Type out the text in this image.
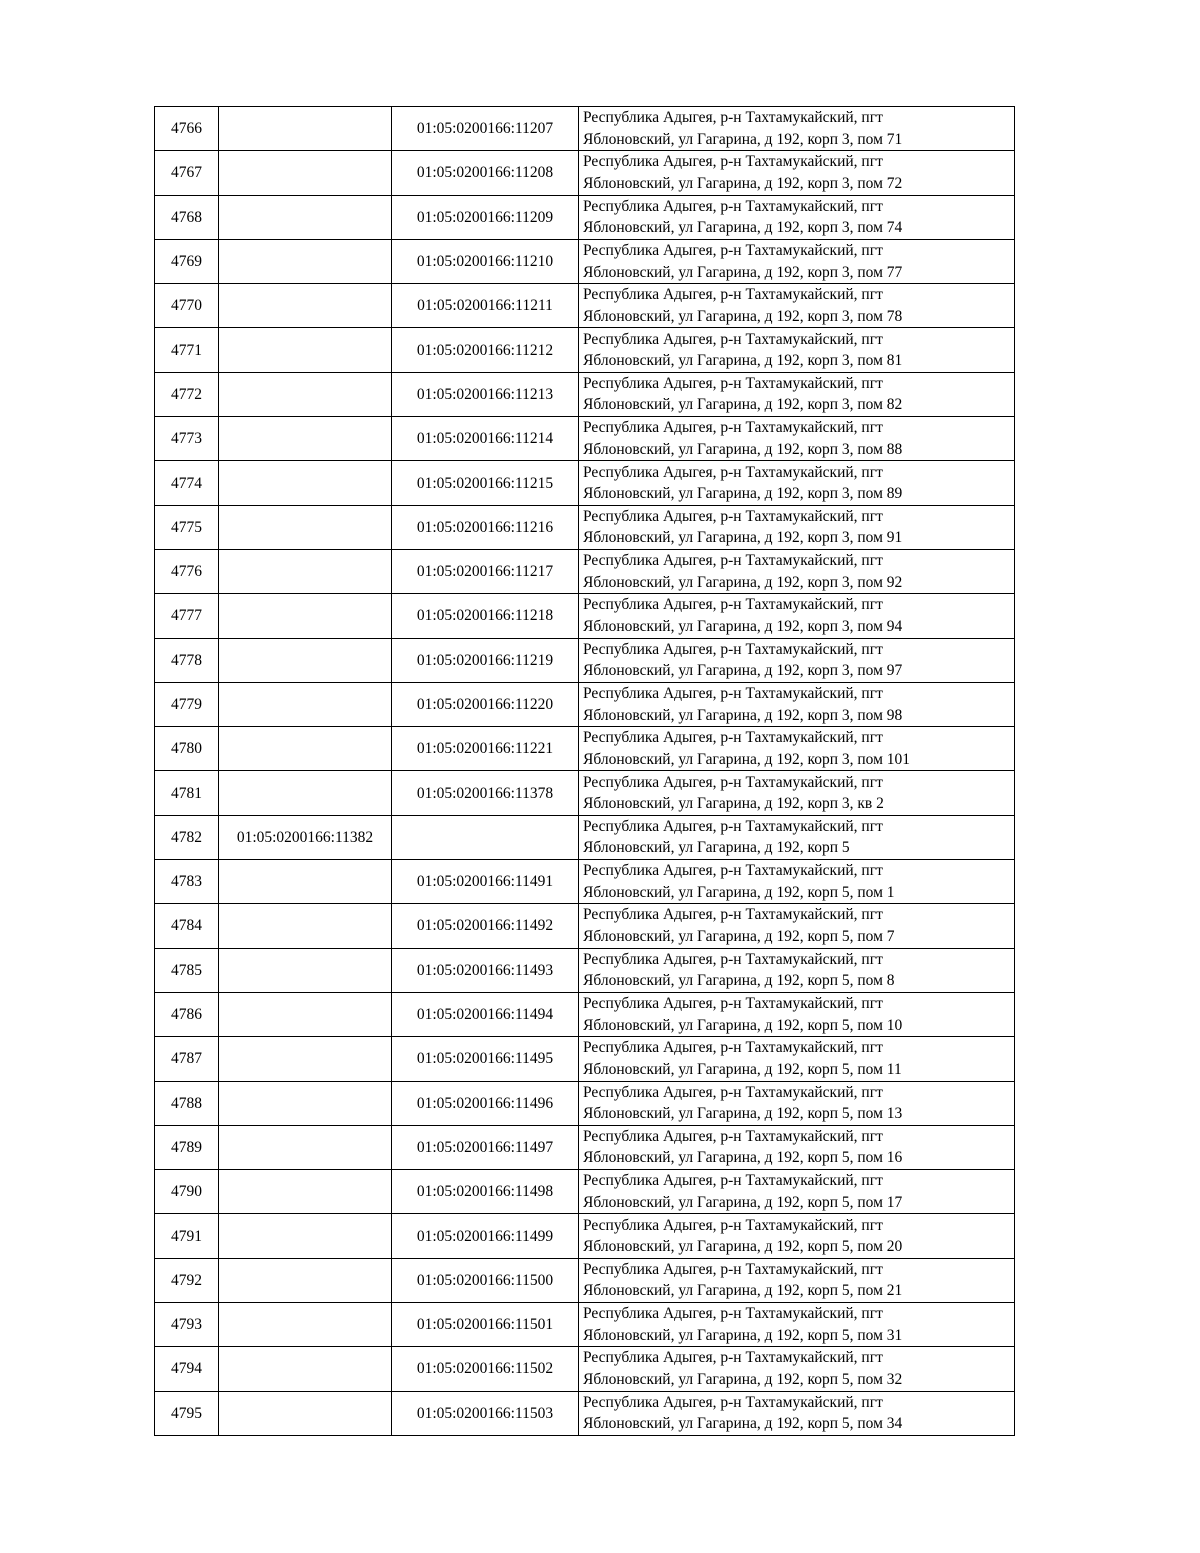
4766		01:05:0200166:11207	Республика Адыгея, р-н Тахтамукайский, пгт
Яблоновский, ул Гагарина, д 192, корп 3, пом 71

4767		01:05:0200166:11208	Республика Адыгея, р-н Тахтамукайский, пгт
Яблоновский, ул Гагарина, д 192, корп 3, пом 72

4768		01:05:0200166:11209	Республика Адыгея, р-н Тахтамукайский, пгт
Яблоновский, ул Гагарина, д 192, корп 3, пом 74

4769		01:05:0200166:11210	Республика Адыгея, р-н Тахтамукайский, пгт
Яблоновский, ул Гагарина, д 192, корп 3, пом 77

4770		01:05:0200166:11211	Республика Адыгея, р-н Тахтамукайский, пгт
Яблоновский, ул Гагарина, д 192, корп 3, пом 78

4771		01:05:0200166:11212	Республика Адыгея, р-н Тахтамукайский, пгт
Яблоновский, ул Гагарина, д 192, корп 3, пом 81

4772		01:05:0200166:11213	Республика Адыгея, р-н Тахтамукайский, пгт
Яблоновский, ул Гагарина, д 192, корп 3, пом 82

4773		01:05:0200166:11214	Республика Адыгея, р-н Тахтамукайский, пгт
Яблоновский, ул Гагарина, д 192, корп 3, пом 88

4774		01:05:0200166:11215	Республика Адыгея, р-н Тахтамукайский, пгт
Яблоновский, ул Гагарина, д 192, корп 3, пом 89

4775		01:05:0200166:11216	Республика Адыгея, р-н Тахтамукайский, пгт
Яблоновский, ул Гагарина, д 192, корп 3, пом 91

4776		01:05:0200166:11217	Республика Адыгея, р-н Тахтамукайский, пгт
Яблоновский, ул Гагарина, д 192, корп 3, пом 92

4777		01:05:0200166:11218	Республика Адыгея, р-н Тахтамукайский, пгт
Яблоновский, ул Гагарина, д 192, корп 3, пом 94

4778		01:05:0200166:11219	Республика Адыгея, р-н Тахтамукайский, пгт
Яблоновский, ул Гагарина, д 192, корп 3, пом 97

4779		01:05:0200166:11220	Республика Адыгея, р-н Тахтамукайский, пгт
Яблоновский, ул Гагарина, д 192, корп 3, пом 98

4780		01:05:0200166:11221	Республика Адыгея, р-н Тахтамукайский, пгт
Яблоновский, ул Гагарина, д 192, корп 3, пом 101

4781		01:05:0200166:11378	Республика Адыгея, р-н Тахтамукайский, пгт
Яблоновский, ул Гагарина, д 192, корп 3, кв 2

4782	01:05:0200166:11382		Республика Адыгея, р-н Тахтамукайский, пгт
Яблоновский, ул Гагарина, д 192, корп 5

4783		01:05:0200166:11491	Республика Адыгея, р-н Тахтамукайский, пгт
Яблоновский, ул Гагарина, д 192, корп 5, пом 1

4784		01:05:0200166:11492	Республика Адыгея, р-н Тахтамукайский, пгт
Яблоновский, ул Гагарина, д 192, корп 5, пом 7

4785		01:05:0200166:11493	Республика Адыгея, р-н Тахтамукайский, пгт
Яблоновский, ул Гагарина, д 192, корп 5, пом 8

4786		01:05:0200166:11494	Республика Адыгея, р-н Тахтамукайский, пгт
Яблоновский, ул Гагарина, д 192, корп 5, пом 10

4787		01:05:0200166:11495	Республика Адыгея, р-н Тахтамукайский, пгт
Яблоновский, ул Гагарина, д 192, корп 5, пом 11

4788		01:05:0200166:11496	Республика Адыгея, р-н Тахтамукайский, пгт
Яблоновский, ул Гагарина, д 192, корп 5, пом 13

4789		01:05:0200166:11497	Республика Адыгея, р-н Тахтамукайский, пгт
Яблоновский, ул Гагарина, д 192, корп 5, пом 16

4790		01:05:0200166:11498	Республика Адыгея, р-н Тахтамукайский, пгт
Яблоновский, ул Гагарина, д 192, корп 5, пом 17

4791		01:05:0200166:11499	Республика Адыгея, р-н Тахтамукайский, пгт
Яблоновский, ул Гагарина, д 192, корп 5, пом 20

4792		01:05:0200166:11500	Республика Адыгея, р-н Тахтамукайский, пгт
Яблоновский, ул Гагарина, д 192, корп 5, пом 21

4793		01:05:0200166:11501	Республика Адыгея, р-н Тахтамукайский, пгт
Яблоновский, ул Гагарина, д 192, корп 5, пом 31

4794		01:05:0200166:11502	Республика Адыгея, р-н Тахтамукайский, пгт
Яблоновский, ул Гагарина, д 192, корп 5, пом 32

4795		01:05:0200166:11503	Республика Адыгея, р-н Тахтамукайский, пгт
Яблоновский, ул Гагарина, д 192, корп 5, пом 34
